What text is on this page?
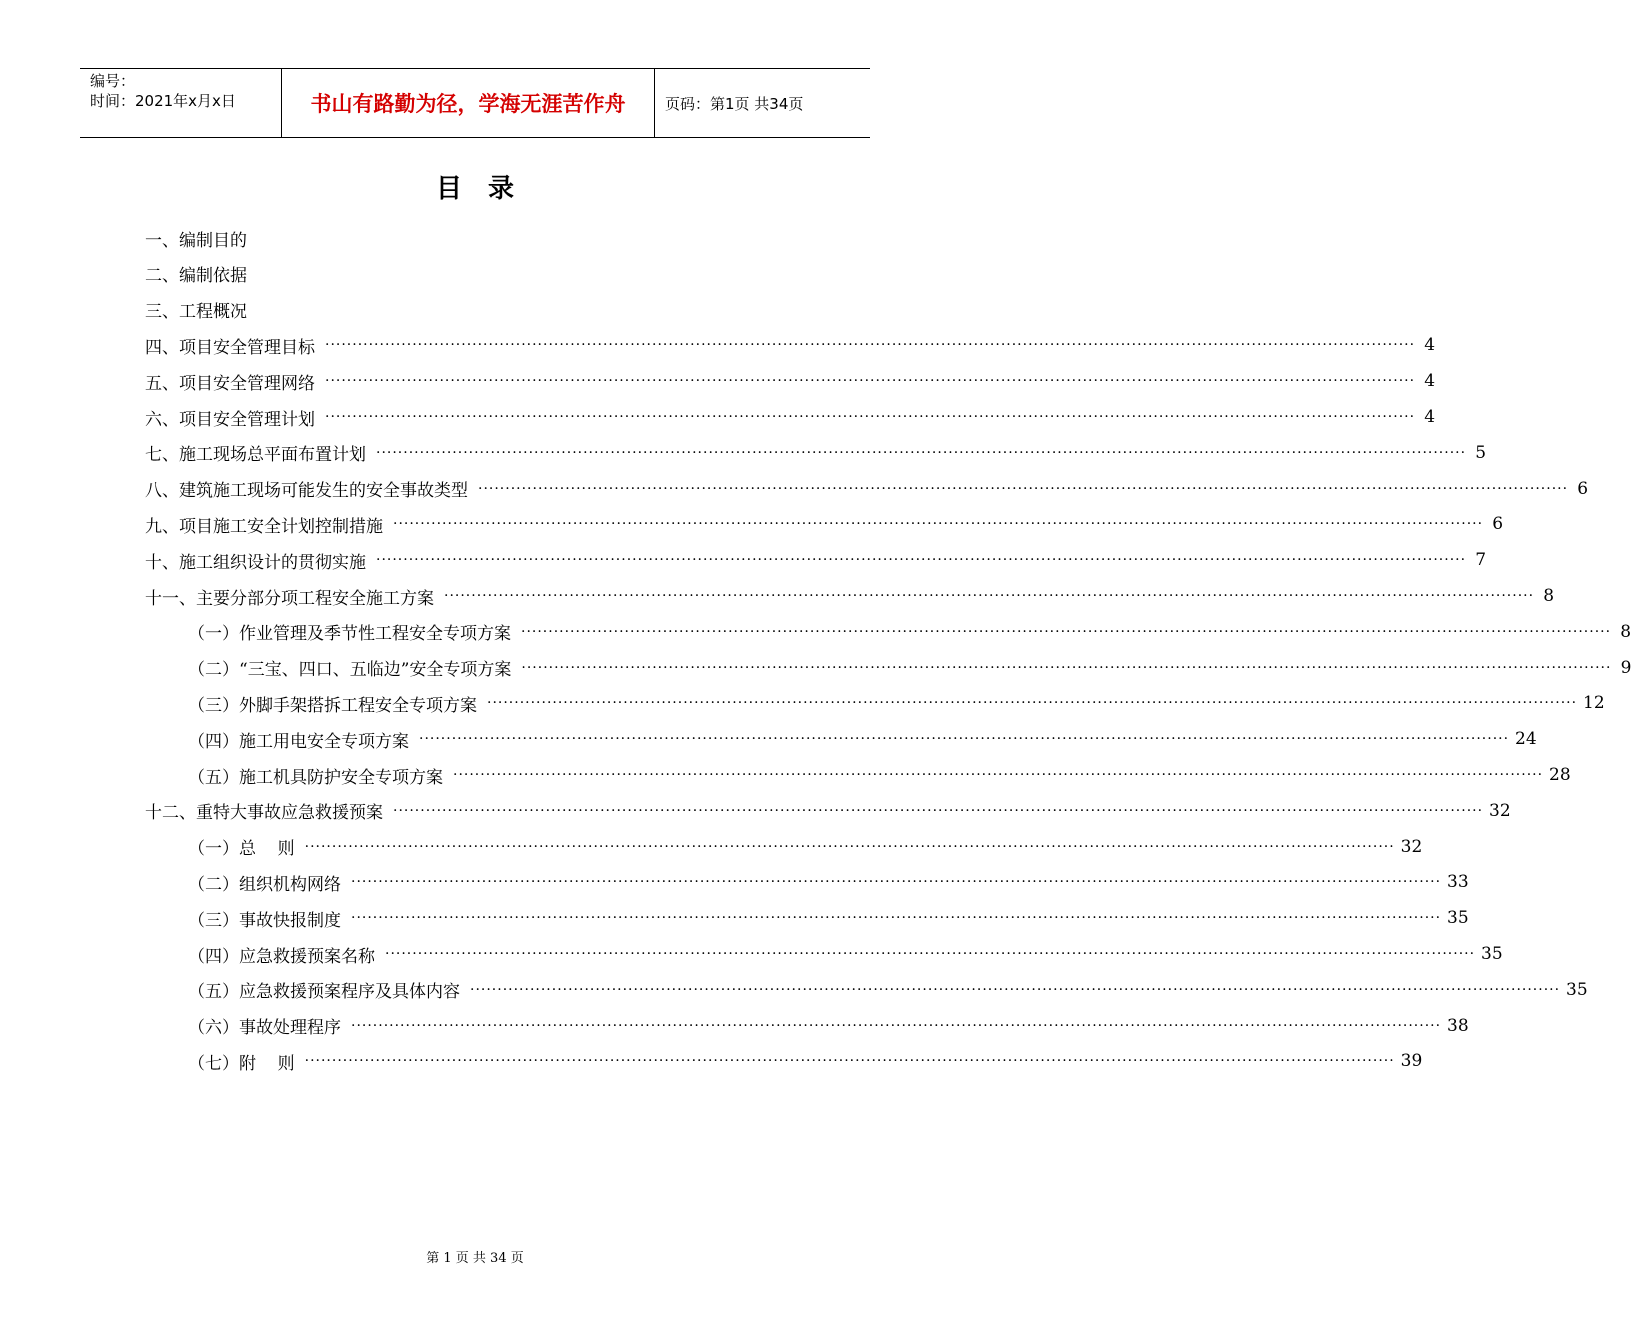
编号：
时间：2021年x月x日	书山有路勤为径，学海无涯苦作舟	页码：第1页 共34页
目录
一、编制目的
二、编制依据
三、工程概况
四、项目安全管理目标 ········································································································································································································ 4
五、项目安全管理网络 ········································································································································································································ 4
六、项目安全管理计划 ········································································································································································································ 4
七、施工现场总平面布置计划 ········································································································································································································ 5
八、建筑施工现场可能发生的安全事故类型 ········································································································································································································ 6
九、项目施工安全计划控制措施 ········································································································································································································ 6
十、施工组织设计的贯彻实施 ········································································································································································································ 7
十一、主要分部分项工程安全施工方案 ········································································································································································································ 8
（一）作业管理及季节性工程安全专项方案 ········································································································································································································ 8
（二）“三宝、四口、五临边”安全专项方案 ········································································································································································································ 9
（三）外脚手架搭拆工程安全专项方案 ········································································································································································································ 12
（四）施工用电安全专项方案 ········································································································································································································ 24
（五）施工机具防护安全专项方案 ········································································································································································································ 28
十二、重特大事故应急救援预案 ········································································································································································································ 32
（一）总    则 ········································································································································································································ 32
（二）组织机构网络 ········································································································································································································ 33
（三）事故快报制度 ········································································································································································································ 35
（四）应急救援预案名称 ········································································································································································································ 35
（五）应急救援预案程序及具体内容 ········································································································································································································ 35
（六）事故处理程序 ········································································································································································································ 38
（七）附    则 ········································································································································································································ 39
第 1 页 共 34 页
